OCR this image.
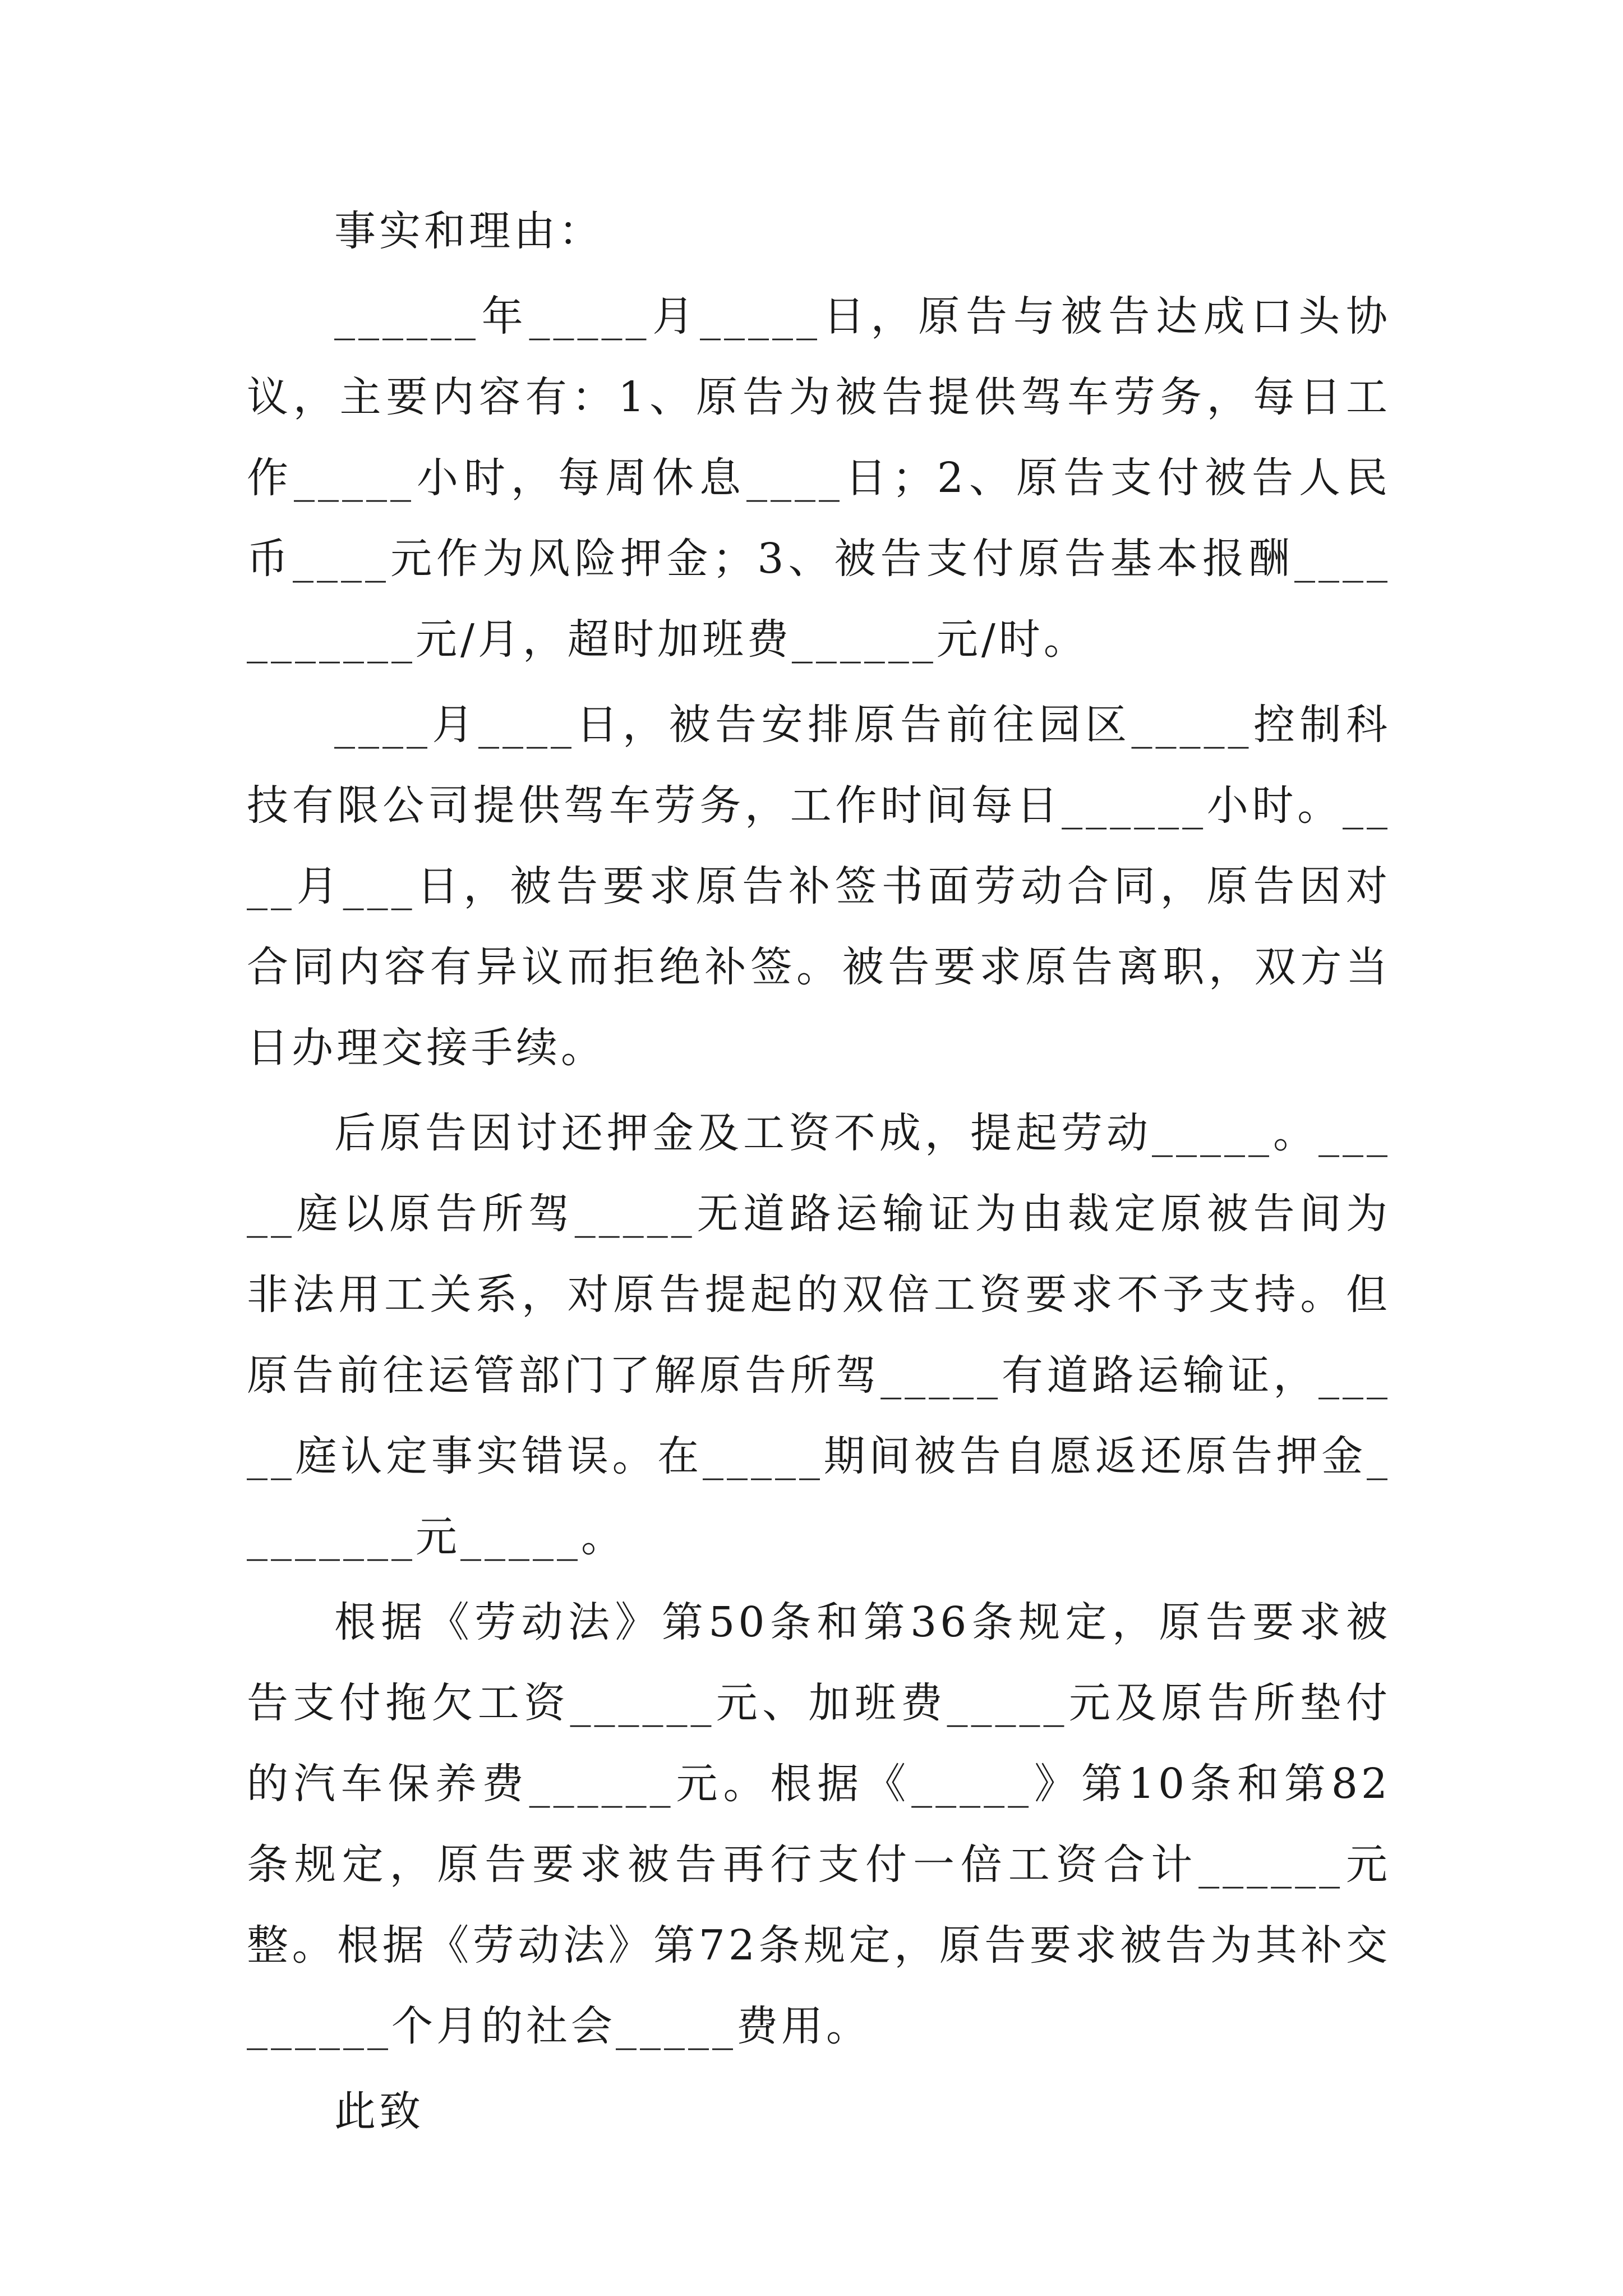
事实和理由：

______年_____月_____日，原告与被告达成口头协议，主要内容有：1、原告为被告提供驾车劳务，每日工作_____小时，每周休息____日；2、原告支付被告人民币____元作为风险押金；3、被告支付原告基本报酬___________元/月，超时加班费______元/时。

____月____日，被告安排原告前往园区_____控制科技有限公司提供驾车劳务，工作时间每日______小时。____月___日，被告要求原告补签书面劳动合同，原告因对合同内容有异议而拒绝补签。被告要求原告离职，双方当日办理交接手续。

后原告因讨还押金及工资不成，提起劳动_____。_____庭以原告所驾_____无道路运输证为由裁定原被告间为非法用工关系，对原告提起的双倍工资要求不予支持。但原告前往运管部门了解原告所驾_____有道路运输证，_____庭认定事实错误。在_____期间被告自愿返还原告押金________元_____。

根据《劳动法》第50条和第36条规定，原告要求被告支付拖欠工资______元、加班费_____元及原告所垫付的汽车保养费______元。根据《_____》第10条和第82条规定，原告要求被告再行支付一倍工资合计______元整。根据《劳动法》第72条规定，原告要求被告为其补交______个月的社会_____费用。

此致
